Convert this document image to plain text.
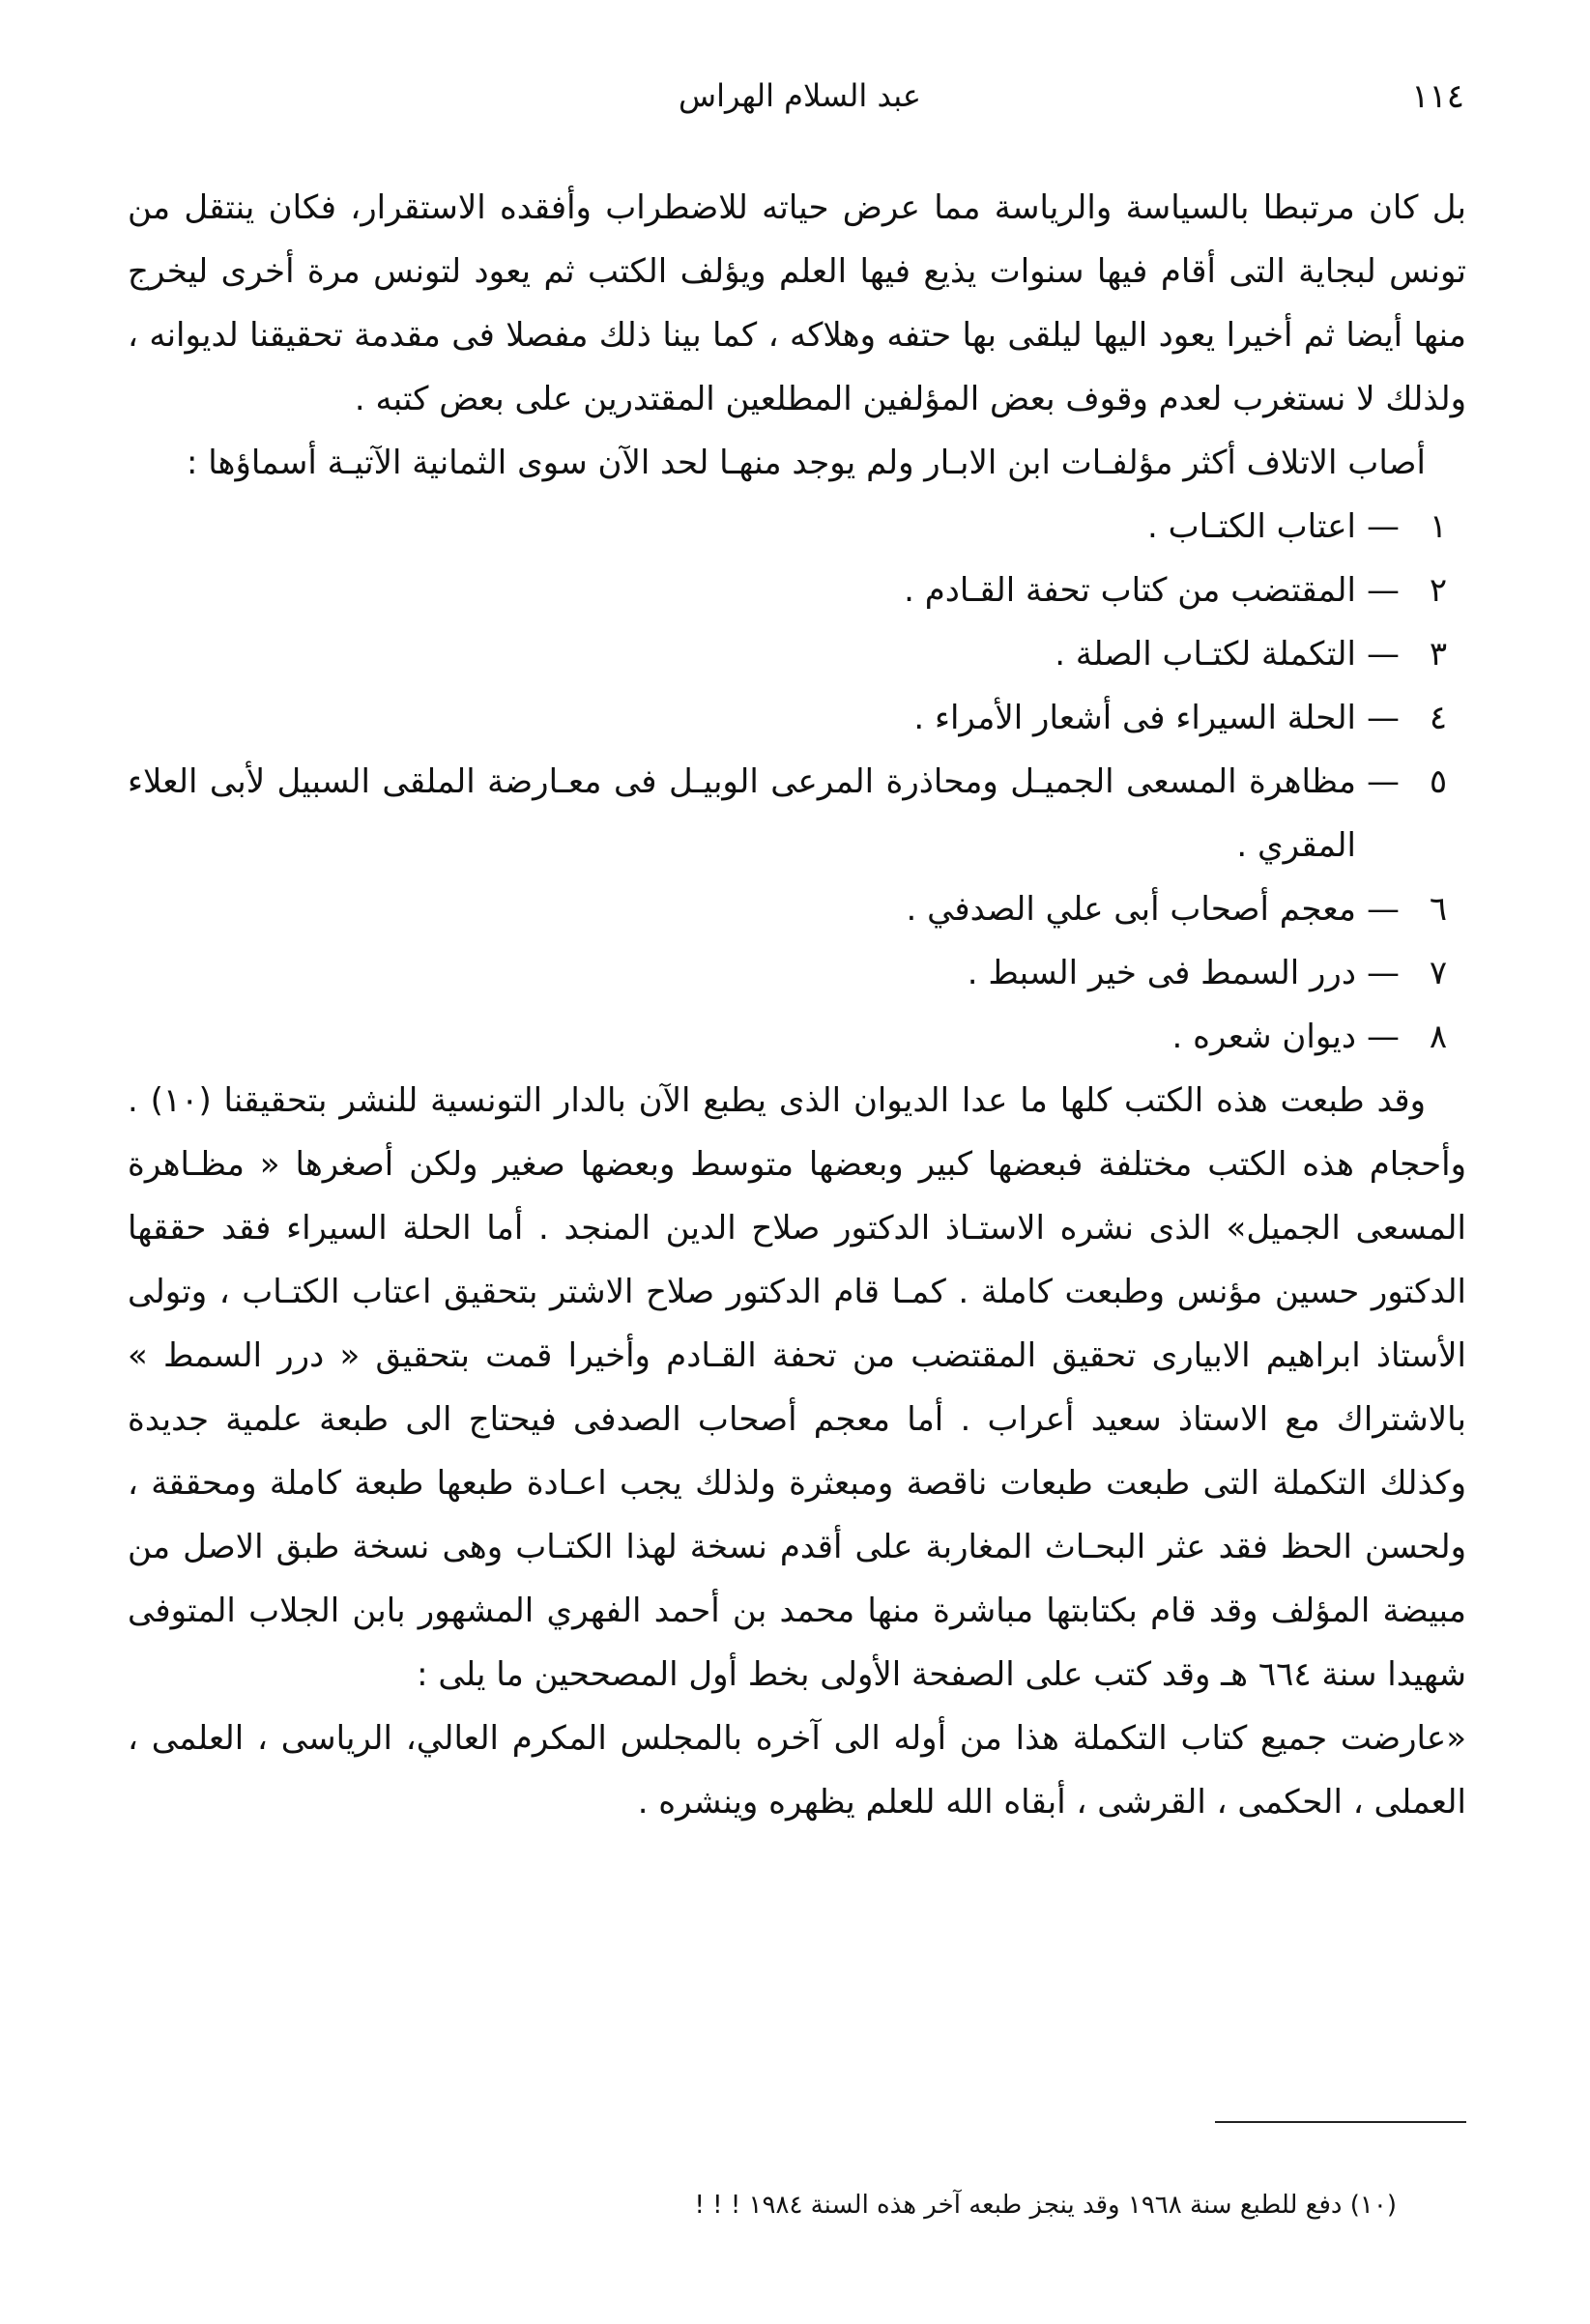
١١٤
عبد السلام الهراس

بل كان مرتبطا بالسياسة والرياسة مما عرض حياته للاضطراب وأفقده الاستقرار، فكان ينتقل من تونس لبجاية التى أقام فيها سنوات يذيع فيها العلم ويؤلف الكتب ثم يعود لتونس مرة أخرى ليخرج منها أيضا ثم أخيرا يعود اليها ليلقى بها حتفه وهلاكه ، كما بينا ذلك مفصلا فى مقدمة تحقيقنا لديوانه ، ولذلك لا نستغرب لعدم وقوف بعض المؤلفين المطلعين المقتدرين على بعض كتبه .

أصاب الاتلاف أكثر مؤلفـات ابن الابـار ولم يوجد منهـا لحد الآن سوى الثمانية الآتيـة أسماؤها :

١
—
اعتاب الكتـاب .
٢
—
المقتضب من كتاب تحفة القـادم .
٣
—
التكملة لكتـاب الصلة .
٤
—
الحلة السيراء فى أشعار الأمراء .
٥
—
مظاهرة المسعى الجميـل ومحاذرة المرعى الوبيـل فى معـارضة الملقى السبيل لأبى العلاء المقري .
٦
—
معجم أصحاب أبى علي الصدفي .
٧
—
درر السمط فى خير السبط .
٨
—
ديوان شعره .

وقد طبعت هذه الكتب كلها ما عدا الديوان الذى يطبع الآن بالدار التونسية للنشر بتحقيقنا (١٠) . وأحجام هذه الكتب مختلفة فبعضها كبير وبعضها متوسط وبعضها صغير ولكن أصغرها « مظـاهرة المسعى الجميل» الذى نشره الاستـاذ الدكتور صلاح الدين المنجد . أما الحلة السيراء فقد حققها الدكتور حسين مؤنس وطبعت كاملة . كمـا قام الدكتور صلاح الاشتر بتحقيق اعتاب الكتـاب ، وتولى الأستاذ ابراهيم الابيارى تحقيق المقتضب من تحفة القـادم وأخيرا قمت بتحقيق « درر السمط » بالاشتراك مع الاستاذ سعيد أعراب . أما معجم أصحاب الصدفى فيحتاج الى طبعة علمية جديدة وكذلك التكملة التى طبعت طبعات ناقصة ومبعثرة ولذلك يجب اعـادة طبعها طبعة كاملة ومحققة ، ولحسن الحظ فقد عثر البحـاث المغاربة على أقدم نسخة لهذا الكتـاب وهى نسخة طبق الاصل من مبيضة المؤلف وقد قام بكتابتها مباشرة منها محمد بن أحمد الفهري المشهور بابن الجلاب المتوفى شهيدا سنة ٦٦٤ هـ وقد كتب على الصفحة الأولى بخط أول المصححين ما يلى :

«عارضت جميع كتاب التكملة هذا من أوله الى آخره بالمجلس المكرم العالي، الرياسى ، العلمى ، العملى ، الحكمى ، القرشى ، أبقاه الله للعلم يظهره وينشره .

(١٠) دفع للطبع سنة ١٩٦٨ وقد ينجز طبعه آخر هذه السنة ١٩٨٤ ! ! !
